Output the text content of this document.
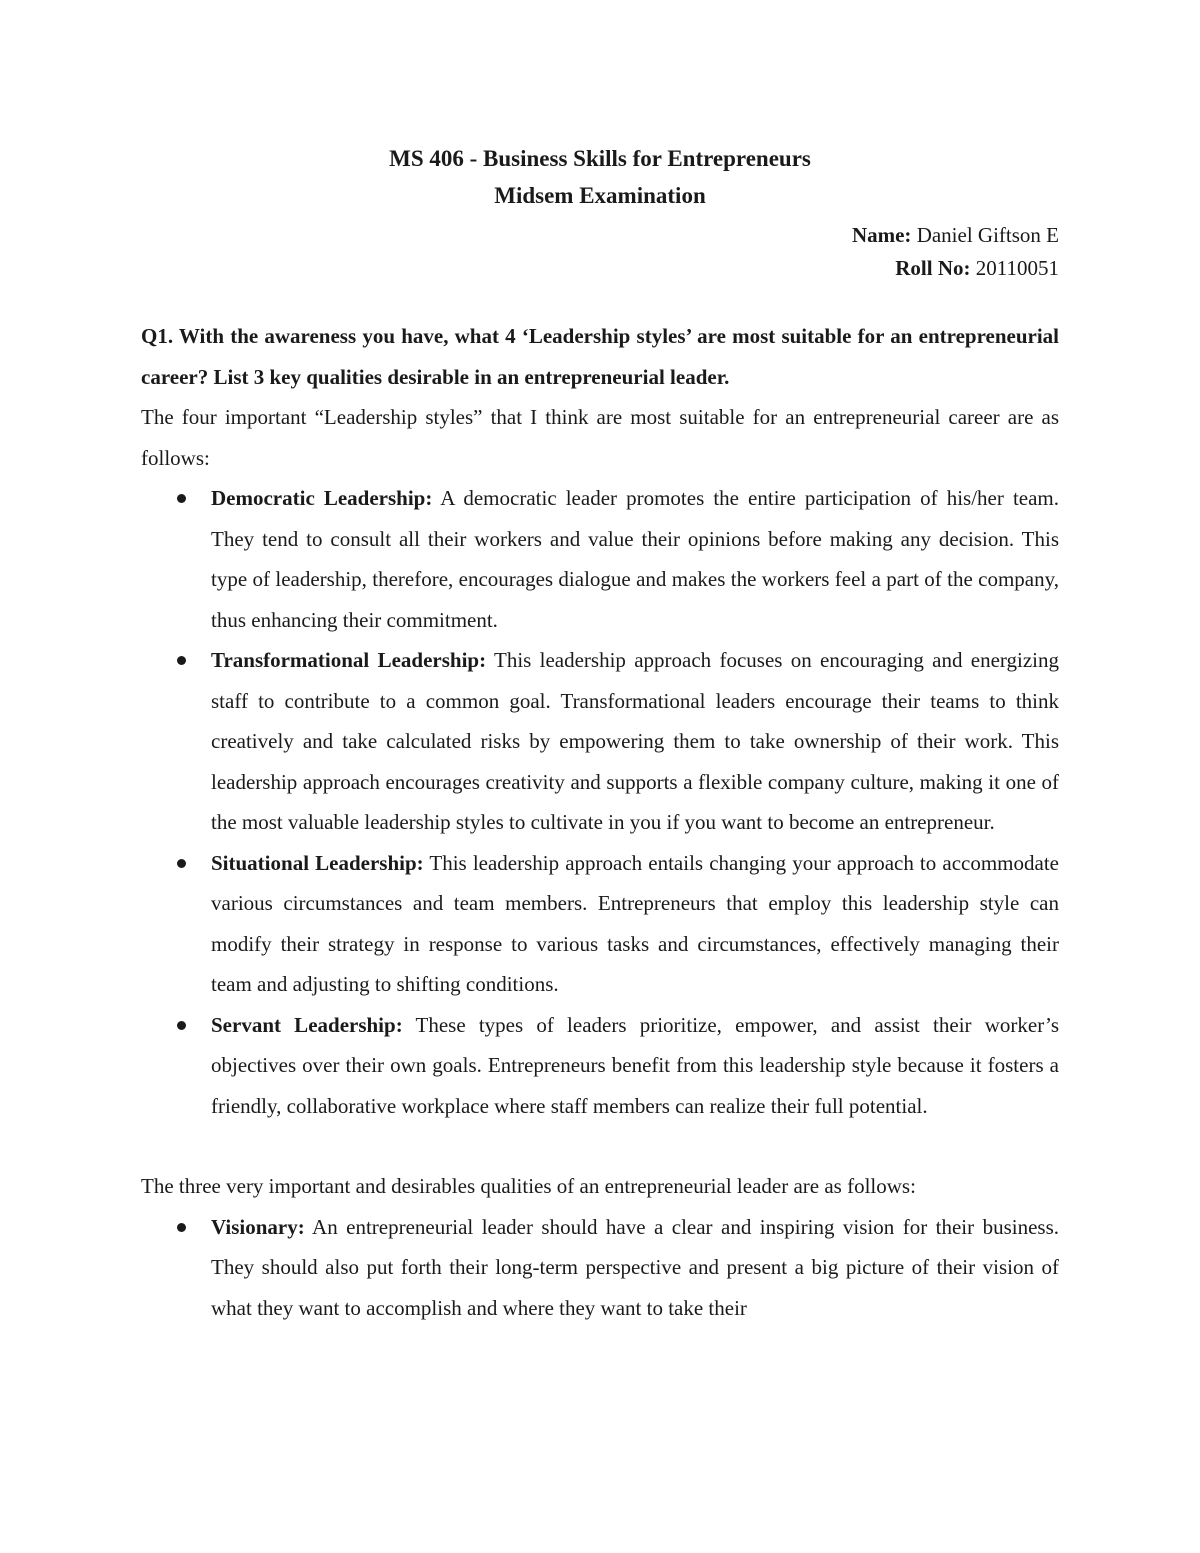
MS 406 - Business Skills for Entrepreneurs

Midsem Examination

Name: Daniel Giftson E
Roll No: 20110051
Q1. With the awareness you have, what 4 ‘Leadership styles’ are most suitable for an entrepreneurial career? List 3 key qualities desirable in an entrepreneurial leader.
The four important “Leadership styles” that I think are most suitable for an entrepreneurial career are as follows:
Democratic Leadership: A democratic leader promotes the entire participation of his/her team. They tend to consult all their workers and value their opinions before making any decision. This type of leadership, therefore, encourages dialogue and makes the workers feel a part of the company, thus enhancing their commitment.
Transformational Leadership: This leadership approach focuses on encouraging and energizing staff to contribute to a common goal. Transformational leaders encourage their teams to think creatively and take calculated risks by empowering them to take ownership of their work. This leadership approach encourages creativity and supports a flexible company culture, making it one of the most valuable leadership styles to cultivate in you if you want to become an entrepreneur.
Situational Leadership: This leadership approach entails changing your approach to accommodate various circumstances and team members. Entrepreneurs that employ this leadership style can modify their strategy in response to various tasks and circumstances, effectively managing their team and adjusting to shifting conditions.
Servant Leadership: These types of leaders prioritize, empower, and assist their worker’s objectives over their own goals. Entrepreneurs benefit from this leadership style because it fosters a friendly, collaborative workplace where staff members can realize their full potential.
The three very important and desirables qualities of an entrepreneurial leader are as follows:
Visionary: An entrepreneurial leader should have a clear and inspiring vision for their business. They should also put forth their long-term perspective and present a big picture of their vision of what they want to accomplish and where they want to take their
